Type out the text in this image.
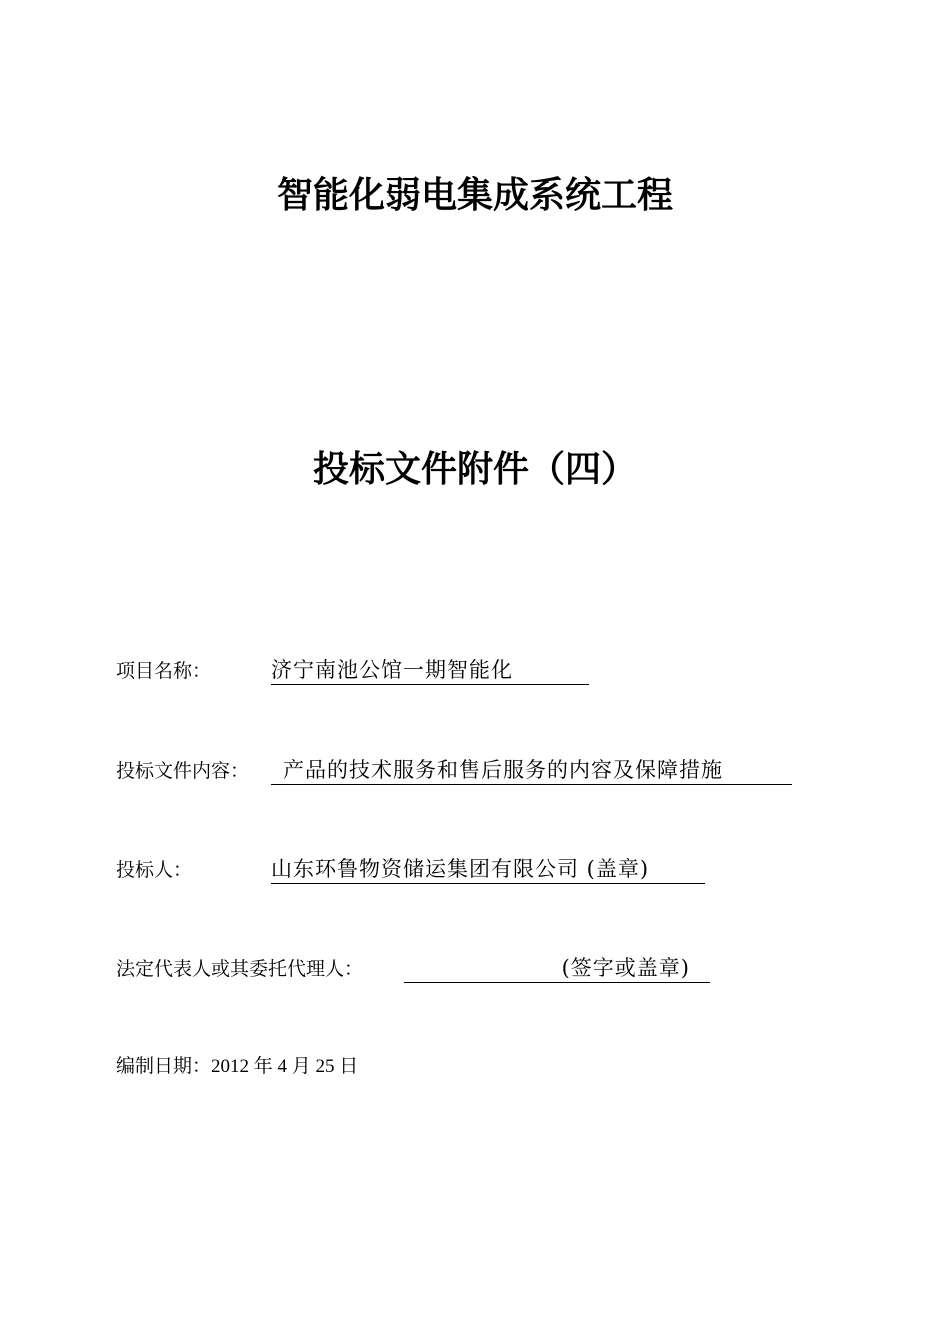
智能化弱电集成系统工程
投标文件附件（四）
项目名称：	济宁南池公馆一期智能化
投标文件内容：	产品的技术服务和售后服务的内容及保障措施
投标人：	山东环鲁物资储运集团有限公司 (盖章)
法定代表人或其委托代理人：	(签字或盖章)
编制日期：2012 年 4 月 25 日
